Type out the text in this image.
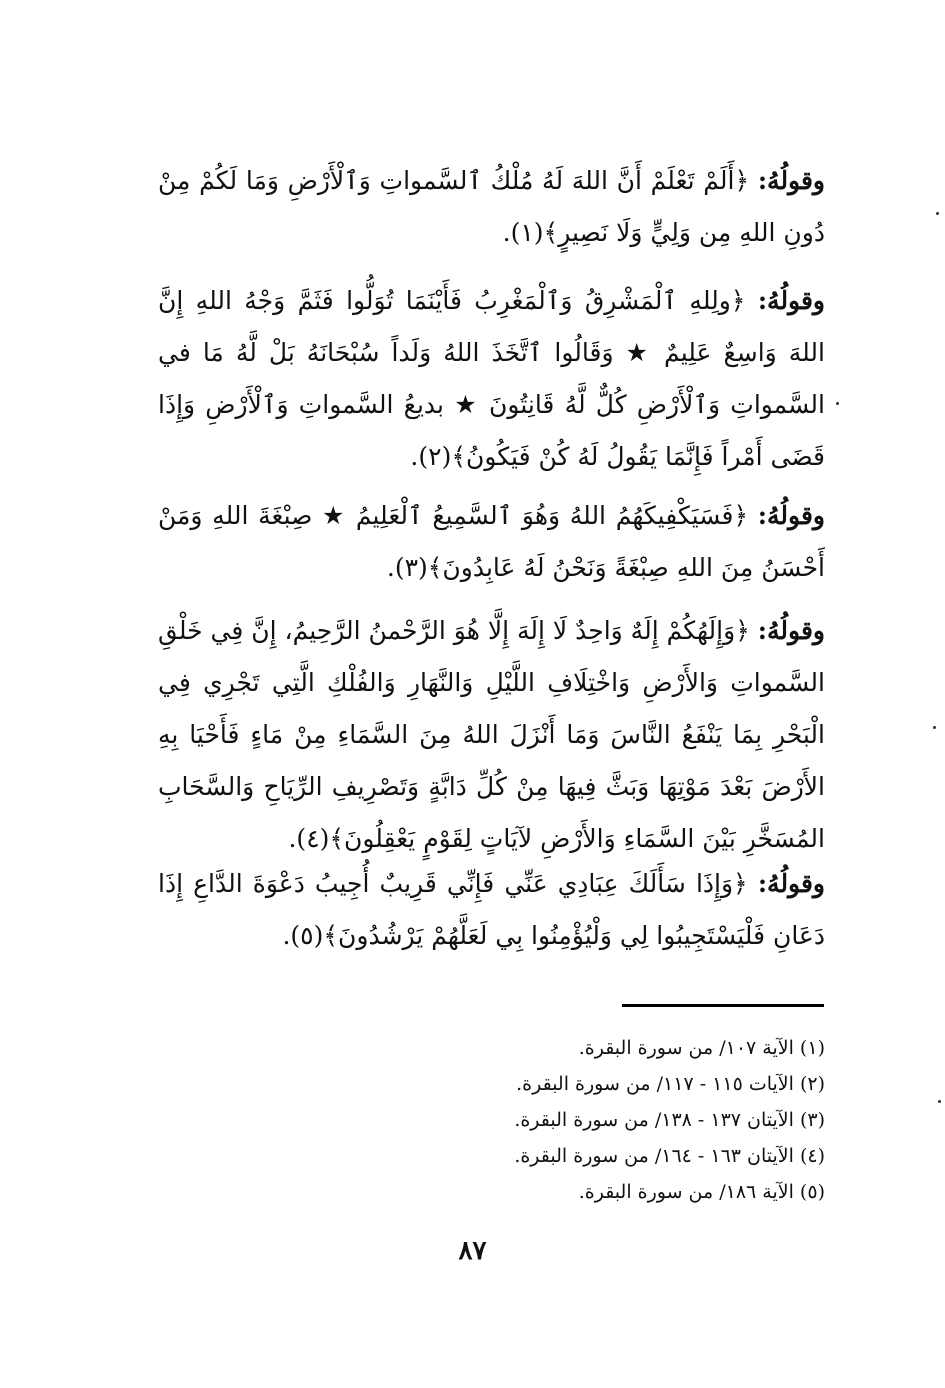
وقولُهُ: ﴿أَلَمْ تَعْلَمْ أَنَّ اللهَ لَهُ مُلْكُ ٱلسَّمواتِ وَٱلْأَرْضِ وَمَا لَكُمْ مِنْ دُونِ اللهِ مِن وَلِيٍّ وَلَا نَصِيرٍ﴾(١).
وقولُهُ: ﴿ولِلهِ ٱلْمَشْرِقُ وَٱلْمَغْرِبُ فَأَيْنَمَا تُوَلُّوا فَثَمَّ وَجْهُ اللهِ إِنَّ اللهَ وَاسِعٌ عَلِيمٌ ★ وَقَالُوا ٱتَّخَذَ اللهُ وَلَداً سُبْحَانَهُ بَلْ لَّهُ مَا في السَّمواتِ وَٱلْأَرْضِ كُلٌّ لَّهُ قَانِتُونَ ★ بديعُ السَّمواتِ وَٱلْأَرْضِ وَإِذَا قَضَى أَمْراً فَإِنَّمَا يَقُولُ لَهُ كُنْ فَيَكُونُ﴾(٢).
وقولُهُ: ﴿فَسَيَكْفِيكَهُمُ اللهُ وَهُوَ ٱلسَّمِيعُ ٱلْعَلِيمُ ★ صِبْغَةَ اللهِ وَمَنْ أَحْسَنُ مِنَ اللهِ صِبْغَةً وَنَحْنُ لَهُ عَابِدُونَ﴾(٣).
وقولُهُ: ﴿وَإِلَهُكُمْ إِلَهٌ وَاحِدٌ لَا إِلَهَ إِلَّا هُوَ الرَّحْمنُ الرَّحِيمُ، إِنَّ فِي خَلْقِ السَّمواتِ وَالأَرْضِ وَاخْتِلَافِ اللَّيْلِ وَالنَّهَارِ وَالفُلْكِ الَّتِي تَجْرِي فِي الْبَحْرِ بِمَا يَنْفَعُ النَّاسَ وَمَا أَنْزَلَ اللهُ مِنَ السَّمَاءِ مِنْ مَاءٍ فَأَحْيَا بِهِ الأَرْضَ بَعْدَ مَوْتِهَا وَبَثَّ فِيهَا مِنْ كُلِّ دَابَّةٍ وَتَصْرِيفِ الرِّيَاحِ وَالسَّحَابِ المُسَخَّرِ بَيْنَ السَّمَاءِ وَالأَرْضِ لآيَاتٍ لِقَوْمٍ يَعْقِلُونَ﴾(٤).
وقولُهُ: ﴿وَإِذَا سَأَلَكَ عِبَادِي عَنِّي فَإِنِّي قَرِيبٌ أُجِيبُ دَعْوَةَ الدَّاعِ إِذَا دَعَانِ فَلْيَسْتَجِيبُوا لِي وَلْيُؤْمِنُوا بِي لَعَلَّهُمْ يَرْشُدُونَ﴾(٥).
(١) الآية ١٠٧/ من سورة البقرة.
(٢) الآيات ١١٥ - ١١٧/ من سورة البقرة.
(٣) الآيتان ١٣٧ - ١٣٨/ من سورة البقرة.
(٤) الآيتان ١٦٣ - ١٦٤/ من سورة البقرة.
(٥) الآية ١٨٦/ من سورة البقرة.
٨٧
